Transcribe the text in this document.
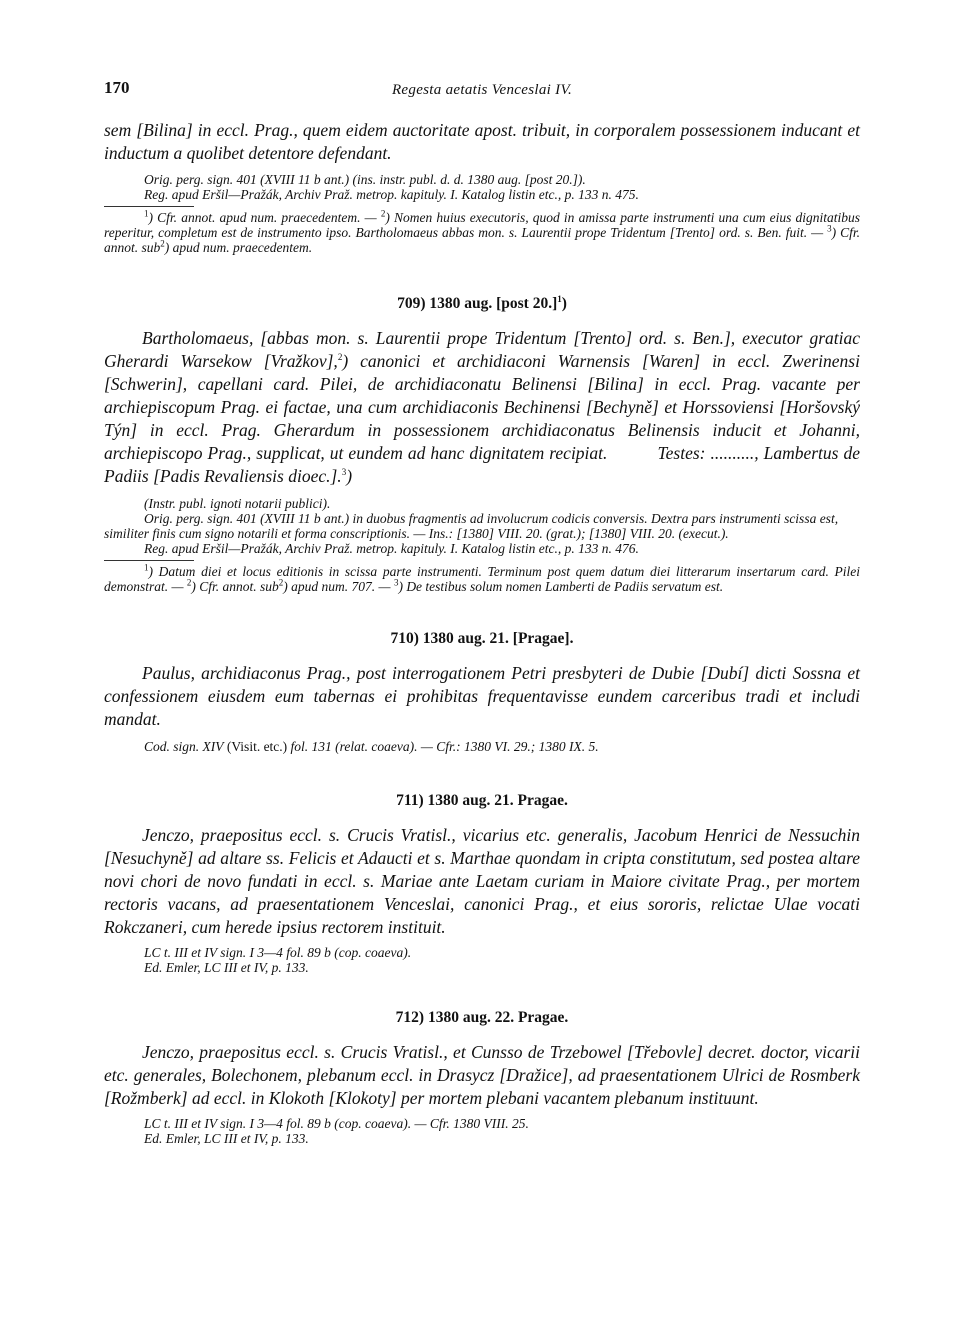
170	Regesta aetatis Venceslai IV.

sem [Bilina] in eccl. Prag., quem eidem auctoritate apost. tribuit, in corporalem possessionem inducant et inductum a quolibet detentore defendant.

Orig. perg. sign. 401 (XVIII 11 b ant.) (ins. instr. publ. d. d. 1380 aug. [post 20.]).

Reg. apud Eršil—Pražák, Archiv Praž. metrop. kapituly. I. Katalog listin etc., p. 133 n. 475.

$^1$) Cfr. annot. apud num. praecedentem. — $^2$) Nomen huius executoris, quod in amissa parte instrumenti una cum eius dignitatibus reperitur, completum est de instrumento ipso. Bartholomaeus abbas mon. s. Laurentii prope Tridentum [Trento] ord. s. Ben. fuit. — $^3$) Cfr. annot. sub$^2$) apud num. praecedentem.

709) 1380 aug. [post 20.]$^1$)

Bartholomaeus, [abbas mon. s. Laurentii prope Tridentum [Trento] ord. s. Ben.], executor gratiac Gherardi Warsekow [Vražkov],$^2$) canonici et archidiaconi Warnensis [Waren] in eccl. Zwerinensi [Schwerin], capellani card. Pilei, de archidiaconatu Belinensi [Bilina] in eccl. Prag. vacante per archiepiscopum Prag. ei factae, una cum archidiaconis Bechinensi [Bechyně] et Horssoviensi [Horšovský Týn] in eccl. Prag. Gherardum in possessionem archidiaconatus Belinensis inducit et Johanni, archiepiscopo Prag., supplicat, ut eundem ad hanc dignitatem recipiat.	Testes: .........., Lambertus de Padiis [Padis Revaliensis dioec.].$^3$)

(Instr. publ. ignoti notarii publici).

Orig. perg. sign. 401 (XVIII 11 b ant.) in duobus fragmentis ad involucrum codicis conversis. Dextra pars instrumenti scissa est, similiter finis cum signo notarili et forma conscriptionis. — Ins.: [1380] VIII. 20. (grat.); [1380] VIII. 20. (execut.).

Reg. apud Eršil—Pražák, Archiv Praž. metrop. kapituly. I. Katalog listin etc., p. 133 n. 476.

$^1$) Datum diei et locus editionis in scissa parte instrumenti. Terminum post quem datum diei litterarum insertarum card. Pilei demonstrat. — $^2$) Cfr. annot. sub$^2$) apud num. 707. — $^3$) De testibus solum nomen Lamberti de Padiis servatum est.

710) 1380 aug. 21. [Pragae].

Paulus, archidiaconus Prag., post interrogationem Petri presbyteri de Dubie [Dubí] dicti Sossna et confessionem eiusdem eum tabernas ei prohibitas frequentavisse eundem carceribus tradi et includi mandat.

Cod. sign. XIV (Visit. etc.) fol. 131 (relat. coaeva). — Cfr.: 1380 VI. 29.; 1380 IX. 5.

711) 1380 aug. 21. Pragae.

Jenczo, praepositus eccl. s. Crucis Vratisl., vicarius etc. generalis, Jacobum Henrici de Nessuchin [Nesuchyně] ad altare ss. Felicis et Adaucti et s. Marthae quondam in cripta constitutum, sed postea altare novi chori de novo fundati in eccl. s. Mariae ante Laetam curiam in Maiore civitate Prag., per mortem rectoris vacans, ad praesentationem Venceslai, canonici Prag., et eius sororis, relictae Ulae vocati Rokczaneri, cum herede ipsius rectorem instituit.

LC t. III et IV sign. I 3—4 fol. 89 b (cop. coaeva).

Ed. Emler, LC III et IV, p. 133.

712) 1380 aug. 22. Pragae.

Jenczo, praepositus eccl. s. Crucis Vratisl., et Cunsso de Trzebowel [Třebovle] decret. doctor, vicarii etc. generales, Bolechonem, plebanum eccl. in Drasycz [Dražice], ad praesentationem Ulrici de Rosmberk [Rožmberk] ad eccl. in Klokoth [Klokoty] per mortem plebani vacantem plebanum instituunt.

LC t. III et IV sign. I 3—4 fol. 89 b (cop. coaeva). — Cfr. 1380 VIII. 25.

Ed. Emler, LC III et IV, p. 133.
